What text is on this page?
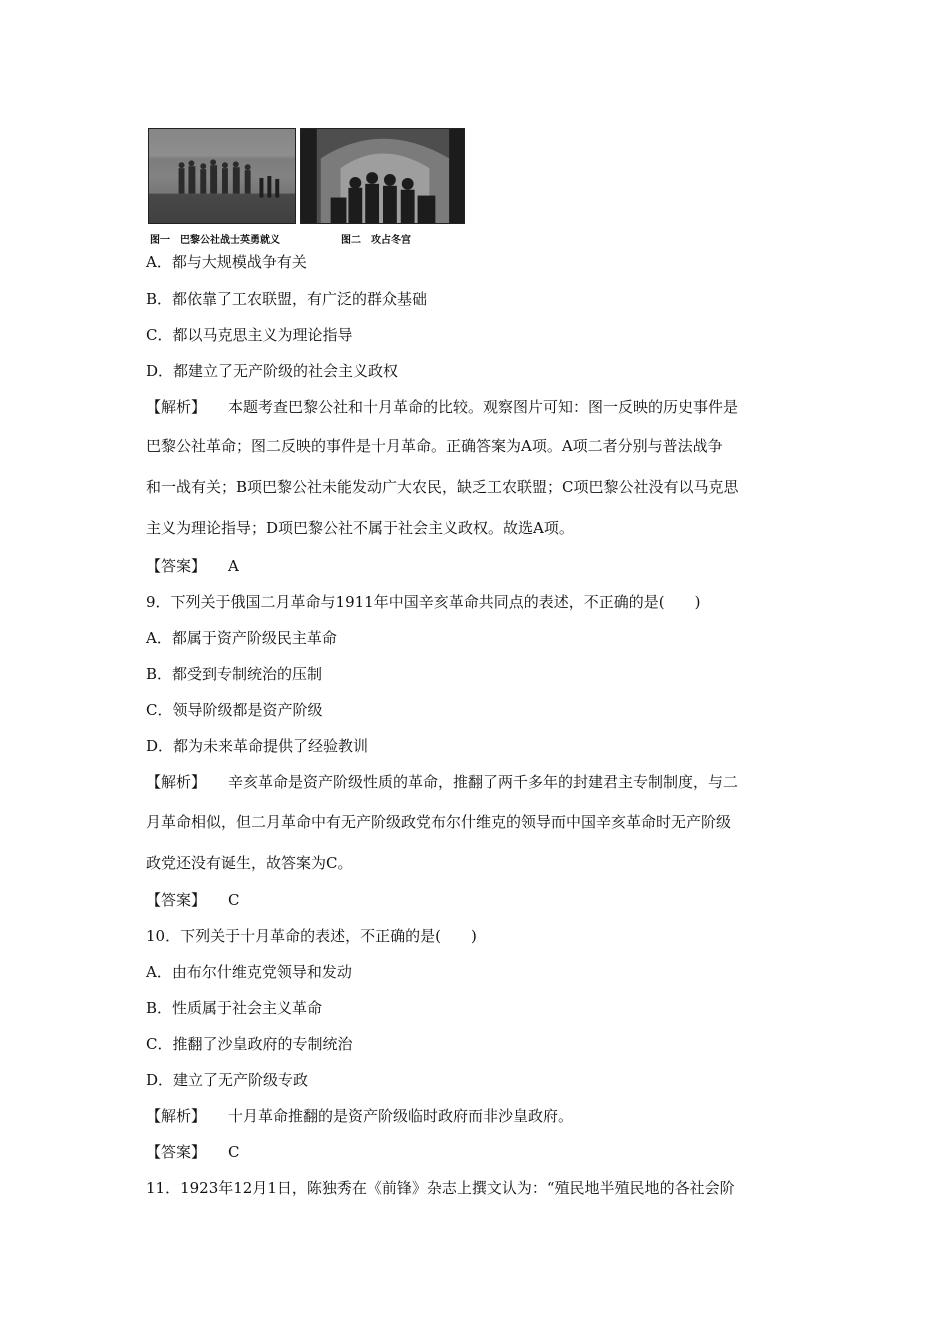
图一　巴黎公社战士英勇就义	图二　攻占冬宫
A．都与大规模战争有关
B．都依靠了工农联盟，有广泛的群众基础
C．都以马克思主义为理论指导
D．都建立了无产阶级的社会主义政权
【解析】 本题考查巴黎公社和十月革命的比较。观察图片可知：图一反映的历史事件是
巴黎公社革命；图二反映的事件是十月革命。正确答案为A项。A项二者分别与普法战争
和一战有关；B项巴黎公社未能发动广大农民，缺乏工农联盟；C项巴黎公社没有以马克思
主义为理论指导；D项巴黎公社不属于社会主义政权。故选A项。
【答案】 A
9．下列关于俄国二月革命与1911年中国辛亥革命共同点的表述，不正确的是(　　)
A．都属于资产阶级民主革命
B．都受到专制统治的压制
C．领导阶级都是资产阶级
D．都为未来革命提供了经验教训
【解析】 辛亥革命是资产阶级性质的革命，推翻了两千多年的封建君主专制制度，与二
月革命相似，但二月革命中有无产阶级政党布尔什维克的领导而中国辛亥革命时无产阶级
政党还没有诞生，故答案为C。
【答案】 C
10．下列关于十月革命的表述，不正确的是(　　)
A．由布尔什维克党领导和发动
B．性质属于社会主义革命
C．推翻了沙皇政府的专制统治
D．建立了无产阶级专政
【解析】 十月革命推翻的是资产阶级临时政府而非沙皇政府。
【答案】 C
11．1923年12月1日，陈独秀在《前锋》杂志上撰文认为：“殖民地半殖民地的各社会阶
